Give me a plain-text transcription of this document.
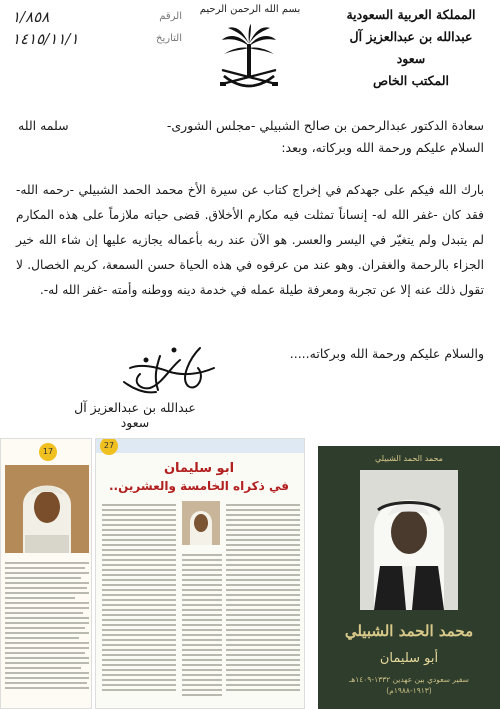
المملكة العربية السعودية
عبدالله بن عبدالعزيز آل سعود
المكتب الخاص
بسم الله الرحمن الرحيم
الرقم
١/٨٥٨
التاريخ
١٤١٥/١١/١
سعادة الدكتور عبدالرحمن بن صالح الشبيلي -مجلس الشورى-
سلمه الله
السلام عليكم ورحمة الله وبركاته، وبعد:
بارك الله فيكم على جهدكم في إخراج كتاب عن سيرة الأخ محمد الحمد الشبيلي -رحمه الله- فقد كان -غفر الله له- إنساناً تمثلت فيه مكارم الأخلاق. قضى حياته ملازماً على هذه المكارم لم يتبدل ولم يتغيّر في اليسر والعسر. هو الآن عند ربه بأعماله يجازيه عليها إن شاء الله خير الجزاء بالرحمة والغفران. وهو عند من عرفوه في هذه الحياة حسن السمعة، كريم الخصال. لا تقول ذلك عنه إلا عن تجربة ومعرفة طيلة عمله في خدمة دينه ووطنه وأمته -غفر الله له-.
والسلام عليكم ورحمة الله وبركاته.....
عبدالله بن عبدالعزيز آل سعود
17
27
ابو سليمان
في ذكراه الخامسة والعشرين..
محمد الحمد الشبيلي
محمد الحمد الشبيلي
أبو سليمان
سفير سعودي بين عهدين ١٣٣٢-١٤٠٩هـ
(١٩١٣-١٩٨٨م)
